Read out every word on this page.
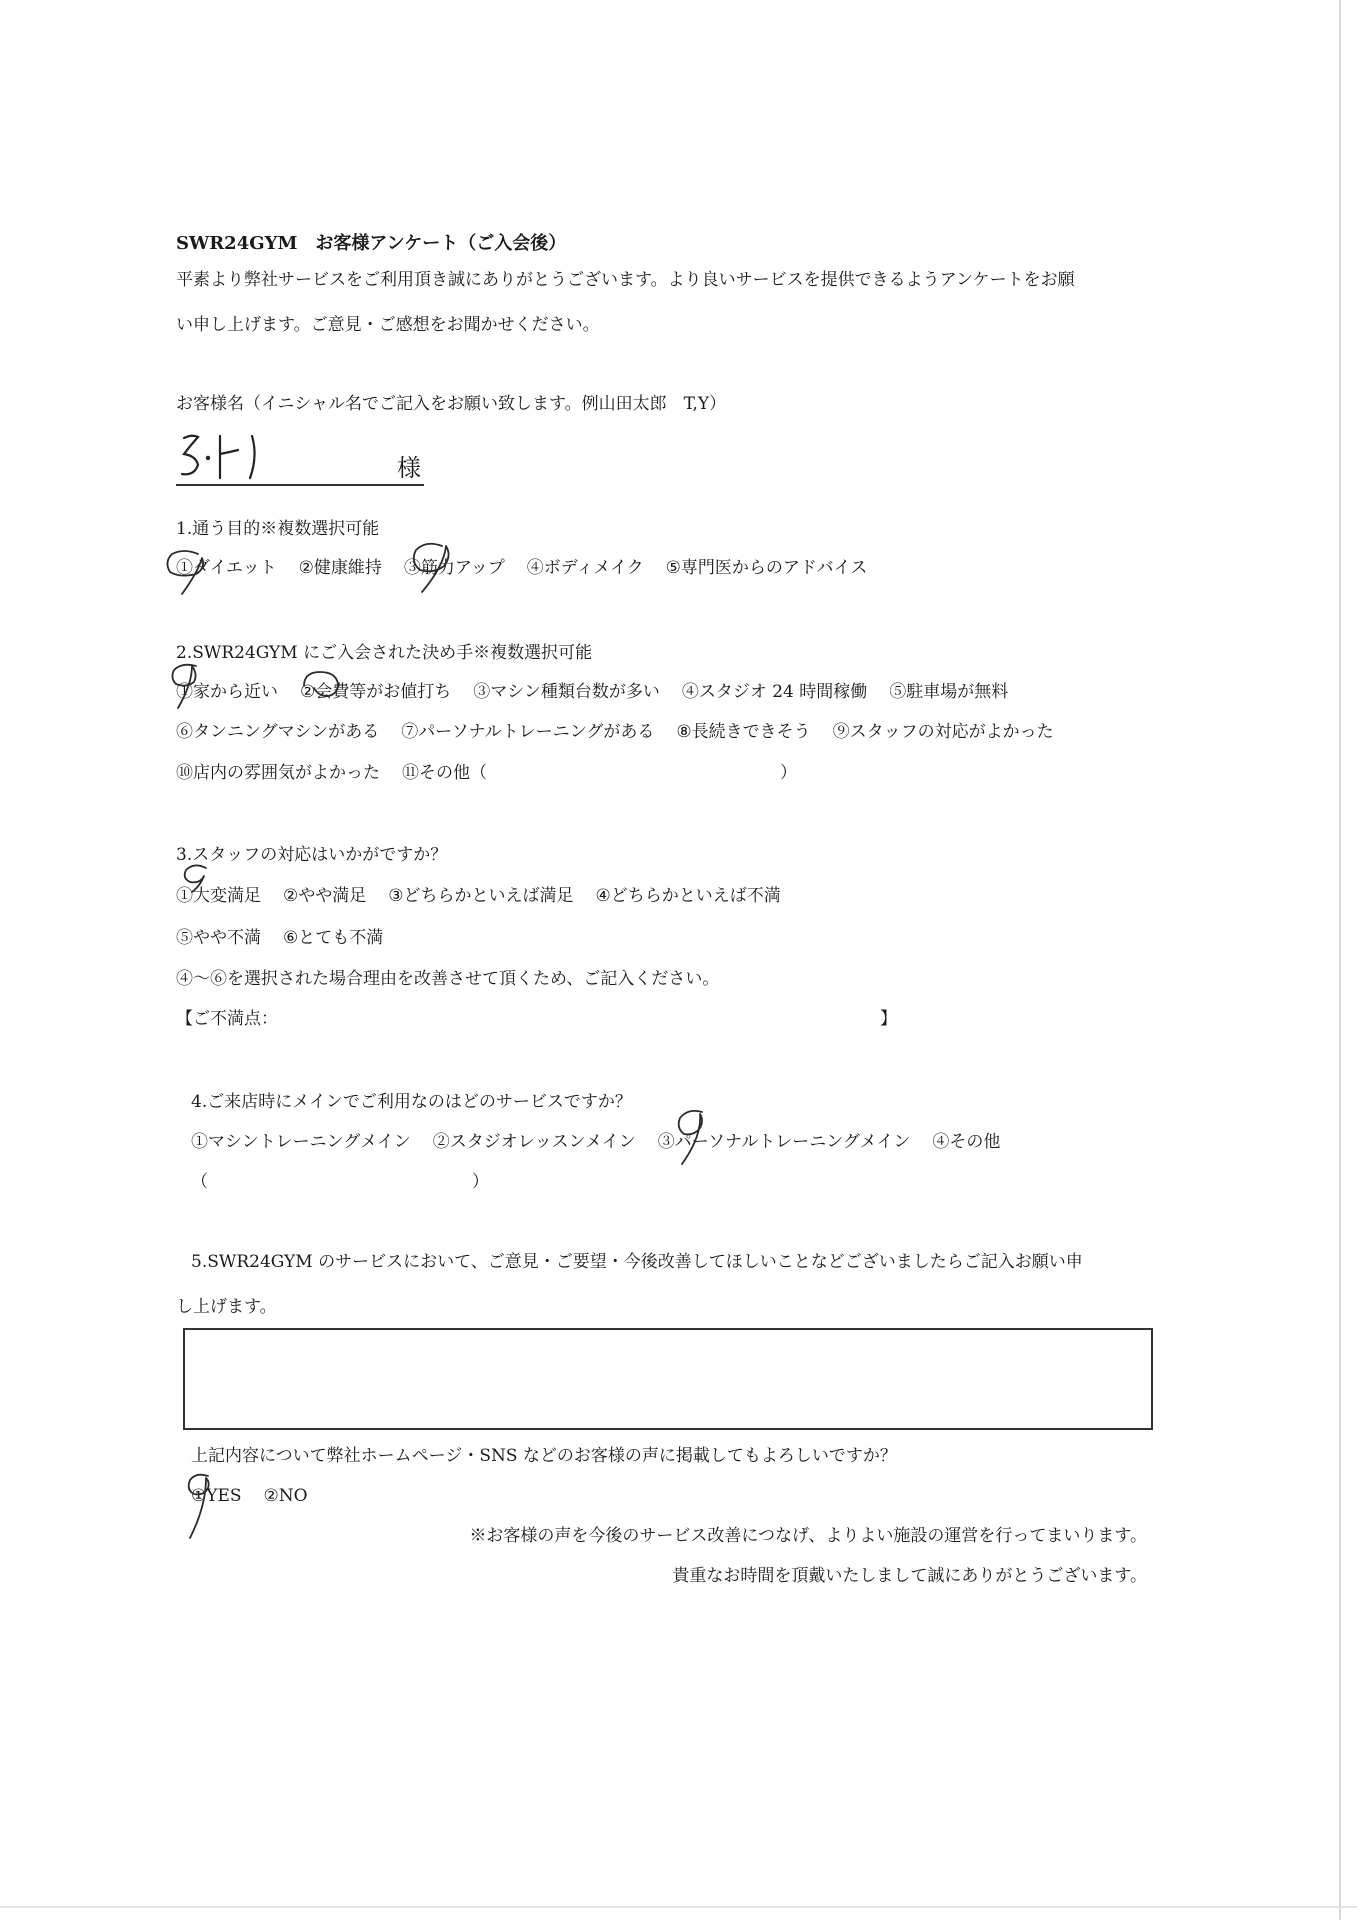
SWR24GYM　お客様アンケート（ご入会後）
平素より弊社サービスをご利用頂き誠にありがとうございます。より良いサービスを提供できるようアンケートをお願
い申し上げます。ご意見・ご感想をお聞かせください。
お客様名（イニシャル名でご記入をお願い致します。例山田太郎　T,Y）
様
1.通う目的※複数選択可能
①ダイエット ②健康維持 ③筋力アップ ④ボディメイク ⑤専門医からのアドバイス
2.SWR24GYM にご入会された決め手※複数選択可能
①家から近い ②会費等がお値打ち ③マシン種類台数が多い ④スタジオ 24 時間稼働 ⑤駐車場が無料
⑥タンニングマシンがある ⑦パーソナルトレーニングがある ⑧長続きできそう ⑨スタッフの対応がよかった
⑩店内の雰囲気がよかった ⑪その他（	）
3.スタッフの対応はいかがですか？
①大変満足 ②やや満足 ③どちらかといえば満足 ④どちらかといえば不満
⑤やや不満 ⑥とても不満
④～⑥を選択された場合理由を改善させて頂くため、ご記入ください。
【ご不満点：	】
4.ご来店時にメインでご利用なのはどのサービスですか？
①マシントレーニングメイン ②スタジオレッスンメイン ③パーソナルトレーニングメイン ④その他
（	）
5.SWR24GYM のサービスにおいて、ご意見・ご要望・今後改善してほしいことなどございましたらご記入お願い申
し上げます。
上記内容について弊社ホームページ・SNS などのお客様の声に掲載してもよろしいですか？
①YES ②NO
※お客様の声を今後のサービス改善につなげ、よりよい施設の運営を行ってまいります。
貴重なお時間を頂戴いたしまして誠にありがとうございます。
